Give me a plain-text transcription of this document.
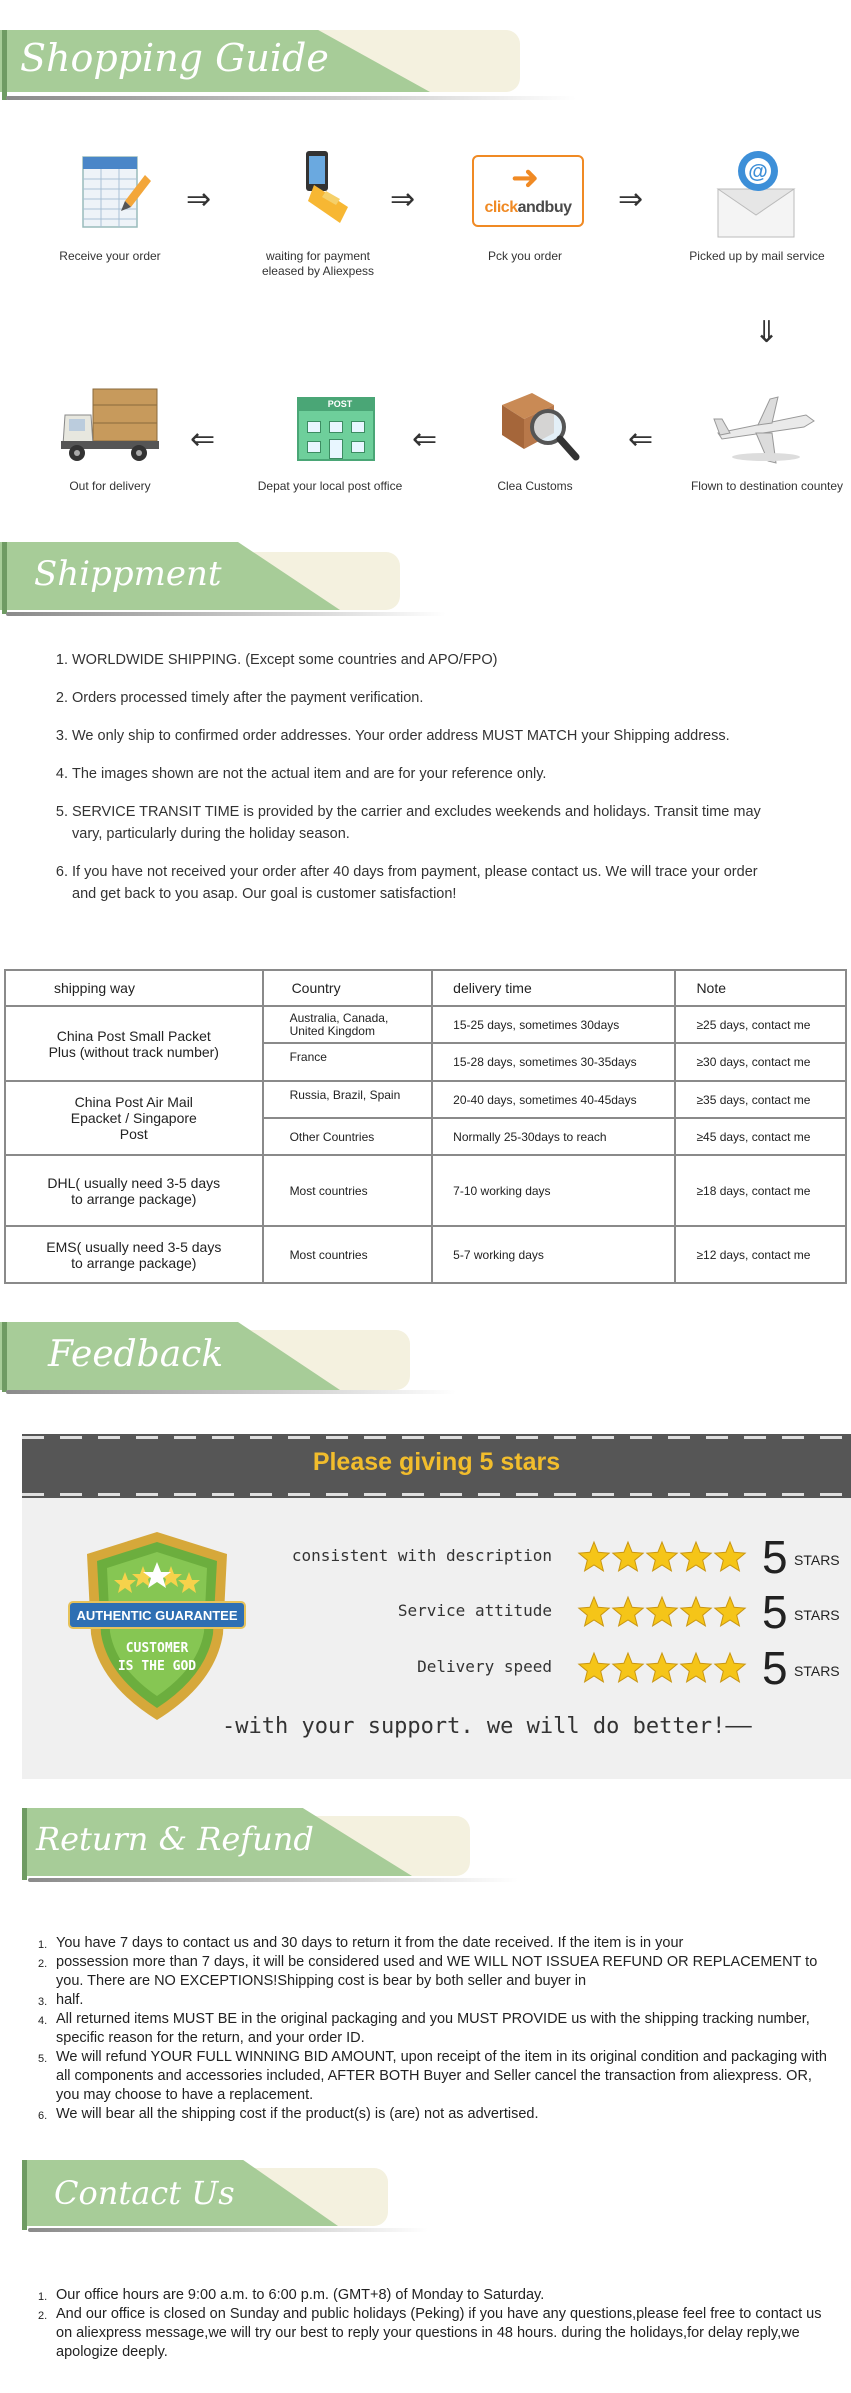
Shopping Guide
Receive your order
⇒
waiting for payment
eleased by Aliexpess
⇒
➜
clickandbuy
Pck you order
⇒
@
Picked up by mail service
⇓
Flown to destination countey
⇐
Clea Customs
⇐
POST
Depat your local post office
⇐
Out for delivery
Shippment
1. WORLDWIDE SHIPPING. (Except some countries and APO/FPO)
2. Orders processed timely after the payment verification.
3. We only ship to confirmed order addresses. Your order address MUST MATCH your Shipping address.
4. The images shown are not the actual item and are for your reference only.
5. SERVICE TRANSIT TIME is provided by the carrier and excludes weekends and holidays. Transit time may vary, particularly during the holiday season.
6. If you have not received your order after 40 days from payment, please contact us. We will trace your order and get back to you asap. Our goal is customer satisfaction!
shipping way	Country	delivery time	Note
China Post Small Packet Plus (without track number)	Australia, Canada, United Kingdom	15-25 days, sometimes 30days	≥25 days, contact me
	France	15-28 days, sometimes 30-35days	≥30 days, contact me
China Post Air Mail Epacket / Singapore Post	Russia, Brazil, Spain	20-40 days, sometimes 40-45days	≥35 days, contact me
	Other Countries	Normally 25-30days to reach	≥45 days, contact me
DHL( usually need 3-5 days to arrange package)	Most countries	7-10 working days	≥18 days, contact me
EMS( usually need 3-5 days to arrange package)	Most countries	5-7 working days	≥12 days, contact me
Feedback
Please giving 5 stars
AUTHENTIC GUARANTEE
CUSTOMER
IS THE GOD
consistent with description	5 STARS
Service attitude	5 STARS
Delivery speed	5 STARS
-with your support. we will do better!——
Return & Refund
1. You have 7 days to contact us and 30 days to return it from the date received. If the item is in your
2. possession more than 7 days, it will be considered used and WE WILL NOT ISSUEA REFUND OR REPLACEMENT to you. There are NO EXCEPTIONS!Shipping cost is bear by both seller and buyer in
3. half.
4. All returned items MUST BE in the original packaging and you MUST PROVIDE us with the shipping tracking number, specific reason for the return, and your order ID.
5. We will refund YOUR FULL WINNING BID AMOUNT, upon receipt of the item in its original condition and packaging with all components and accessories included, AFTER BOTH Buyer and Seller cancel the transaction from aliexpress. OR, you may choose to have a replacement.
6. We will bear all the shipping cost if the product(s) is (are) not as advertised.
Contact Us
1. Our office hours are 9:00 a.m. to 6:00 p.m. (GMT+8) of Monday to Saturday.
2. And our office is closed on Sunday and public holidays (Peking) if you have any questions,please feel free to contact us on aliexpress message,we will try our best to reply your questions in 48 hours. during the holidays,for delay reply,we apologize deeply.
